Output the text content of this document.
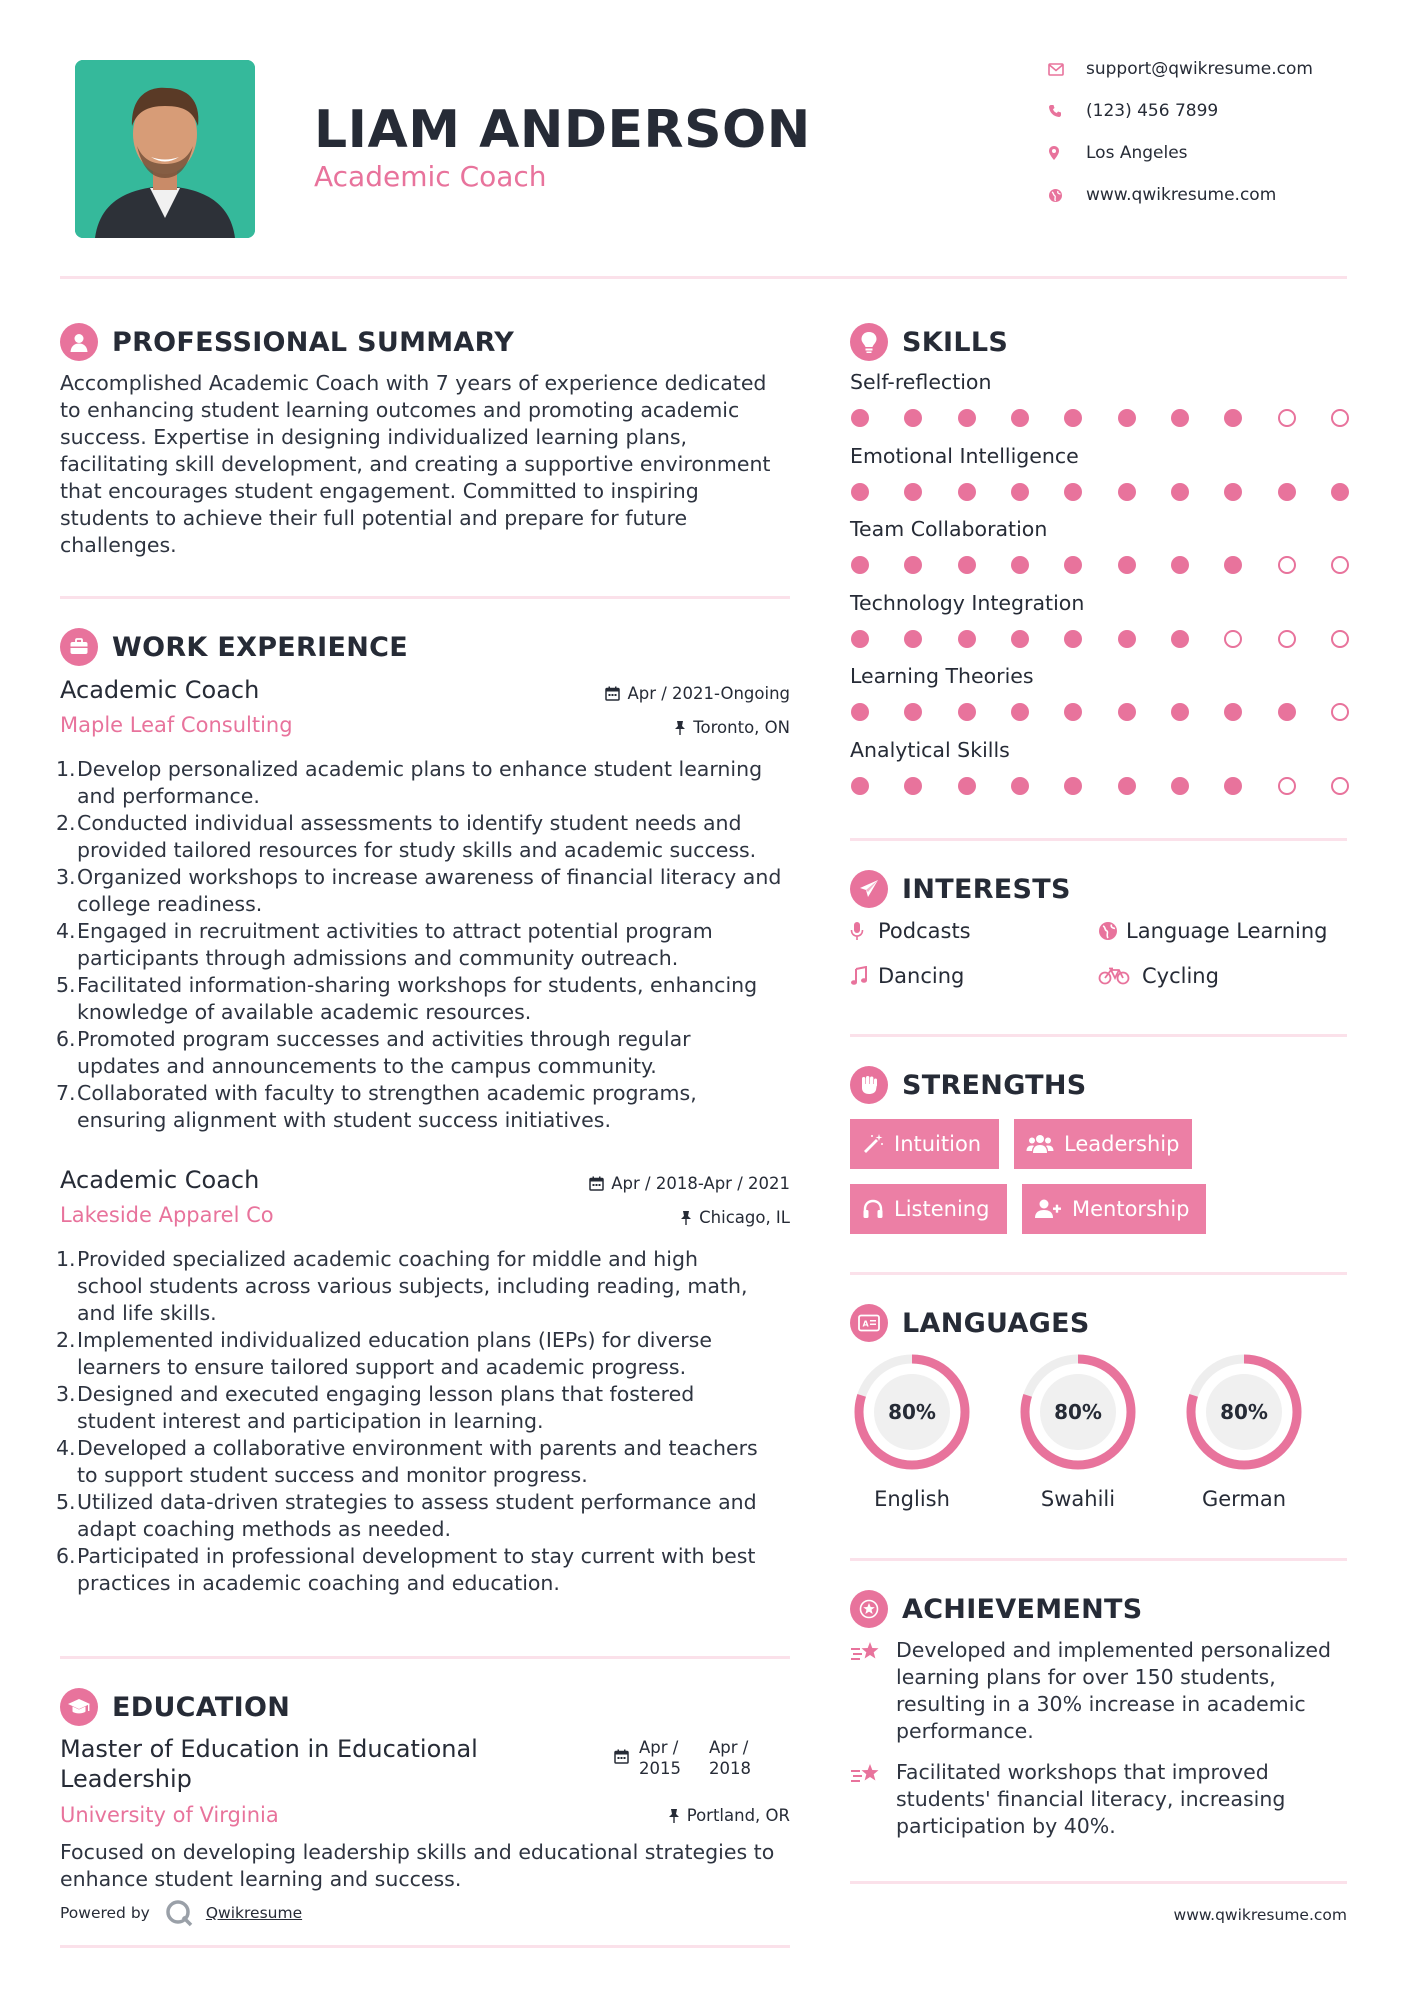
LIAM ANDERSON
Academic Coach
support@qwikresume.com
(123) 456 7899
Los Angeles
www.qwikresume.com
PROFESSIONAL SUMMARY
Accomplished Academic Coach with 7 years of experience dedicated
to enhancing student learning outcomes and promoting academic
success. Expertise in designing individualized learning plans,
facilitating skill development, and creating a supportive environment
that encourages student engagement. Committed to inspiring
students to achieve their full potential and prepare for future
challenges.
WORK EXPERIENCE
Academic Coach	Apr / 2021-Ongoing
Maple Leaf Consulting	Toronto, ON
1. Develop personalized academic plans to enhance student learning
and performance.
2. Conducted individual assessments to identify student needs and
provided tailored resources for study skills and academic success.
3. Organized workshops to increase awareness of financial literacy and
college readiness.
4. Engaged in recruitment activities to attract potential program
participants through admissions and community outreach.
5. Facilitated information-sharing workshops for students, enhancing
knowledge of available academic resources.
6. Promoted program successes and activities through regular
updates and announcements to the campus community.
7. Collaborated with faculty to strengthen academic programs,
ensuring alignment with student success initiatives.
Academic Coach	Apr / 2018-Apr / 2021
Lakeside Apparel Co	Chicago, IL
1. Provided specialized academic coaching for middle and high
school students across various subjects, including reading, math,
and life skills.
2. Implemented individualized education plans (IEPs) for diverse
learners to ensure tailored support and academic progress.
3. Designed and executed engaging lesson plans that fostered
student interest and participation in learning.
4. Developed a collaborative environment with parents and teachers
to support student success and monitor progress.
5. Utilized data-driven strategies to assess student performance and
adapt coaching methods as needed.
6. Participated in professional development to stay current with best
practices in academic coaching and education.
EDUCATION
Master of Education in Educational
Leadership
Apr /
2015
Apr /
2018
University of Virginia	Portland, OR
Focused on developing leadership skills and educational strategies to
enhance student learning and success.
Powered by	Qwikresume
SKILLS
Self-reflection
Emotional Intelligence
Team Collaboration
Technology Integration
Learning Theories
Analytical Skills
INTERESTS
Podcasts	Language Learning
Dancing	Cycling
STRENGTHS
Intuition	Leadership
Listening	Mentorship
A LANGUAGES
80%
English
80%
Swahili
80%
German
ACHIEVEMENTS
Developed and implemented personalized
learning plans for over 150 students,
resulting in a 30% increase in academic
performance.
Facilitated workshops that improved
students' financial literacy, increasing
participation by 40%.
www.qwikresume.com
